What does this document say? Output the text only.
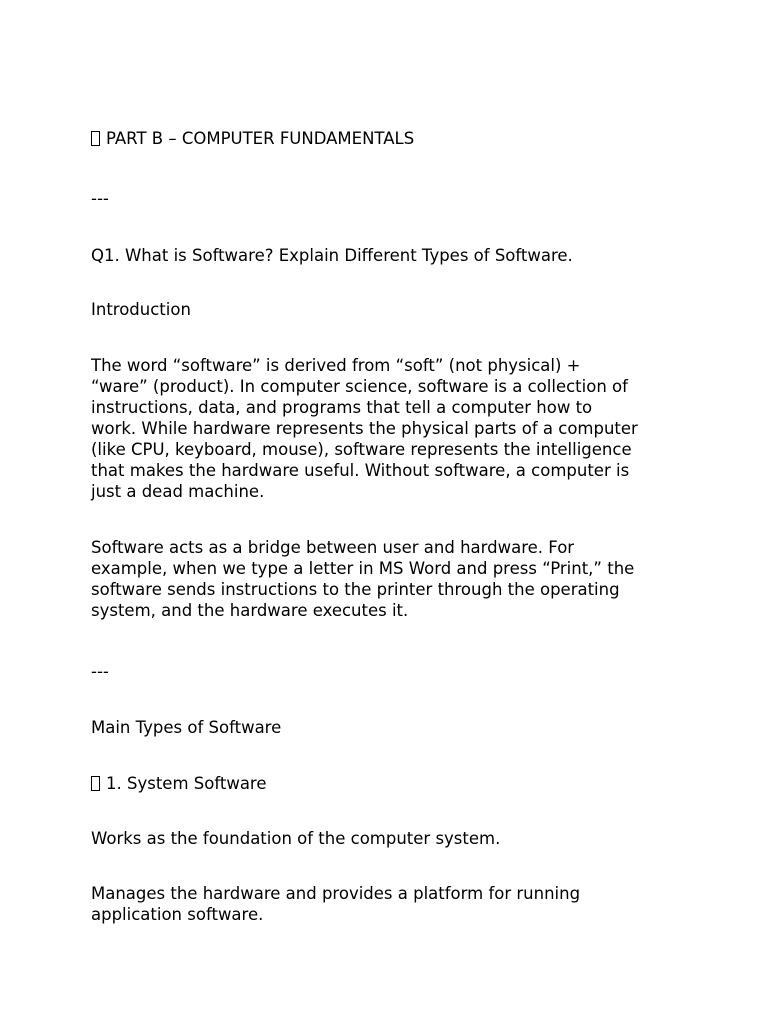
PART B – COMPUTER FUNDAMENTALS

---

Q1. What is Software? Explain Different Types of Software.

Introduction

The word “software” is derived from “soft” (not physical) +
“ware” (product). In computer science, software is a collection of
instructions, data, and programs that tell a computer how to
work. While hardware represents the physical parts of a computer
(like CPU, keyboard, mouse), software represents the intelligence
that makes the hardware useful. Without software, a computer is
just a dead machine.
Software acts as a bridge between user and hardware. For
example, when we type a letter in MS Word and press “Print,” the
software sends instructions to the printer through the operating
system, and the hardware executes it.

---

Main Types of Software

1. System Software

Works as the foundation of the computer system.

Manages the hardware and provides a platform for running
application software.
